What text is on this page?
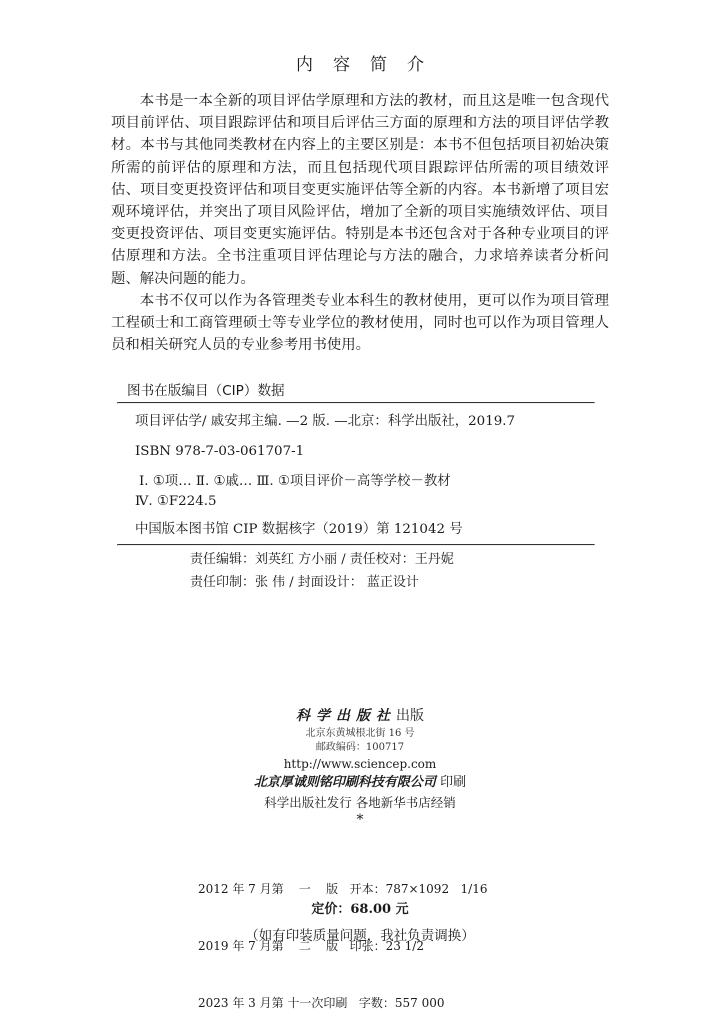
内容简介

本书是一本全新的项目评估学原理和方法的教材，而且这是唯一包含现代项目前评估、项目跟踪评估和项目后评估三方面的原理和方法的项目评估学教材。本书与其他同类教材在内容上的主要区别是：本书不但包括项目初始决策所需的前评估的原理和方法，而且包括现代项目跟踪评估所需的项目绩效评估、项目变更投资评估和项目变更实施评估等全新的内容。本书新增了项目宏观环境评估，并突出了项目风险评估，增加了全新的项目实施绩效评估、项目变更投资评估、项目变更实施评估。特别是本书还包含对于各种专业项目的评估原理和方法。全书注重项目评估理论与方法的融合，力求培养读者分析问题、解决问题的能力。

本书不仅可以作为各管理类专业本科生的教材使用，更可以作为项目管理工程硕士和工商管理硕士等专业学位的教材使用，同时也可以作为项目管理人员和相关研究人员的专业参考用书使用。

图书在版编目（CIP）数据
项目评估学/ 戚安邦主编. —2 版. —北京：科学出版社，2019.7
ISBN 978-7-03-061707-1
Ⅰ. ①项… Ⅱ. ①戚… Ⅲ. ①项目评价－高等学校－教材
Ⅳ. ①F224.5
中国版本图书馆 CIP 数据核字（2019）第 121042 号
责任编辑：刘英红 方小丽 / 责任校对：王丹妮
责任印制：张 伟 / 封面设计： 蓝正设计
科学出版社出版
北京东黄城根北街 16 号
邮政编码：100717
http://www.sciencep.com
北京厚诚则铭印刷科技有限公司 印刷
科学出版社发行 各地新华书店经销
*

2012 年 7 月第    一    版   开本：787×1092   1/16

2019 年 7 月第    二    版   印张：23 1/2

2023 年 3 月第 十一次印刷   字数：557 000

定价：68.00 元
（如有印装质量问题，我社负责调换）
